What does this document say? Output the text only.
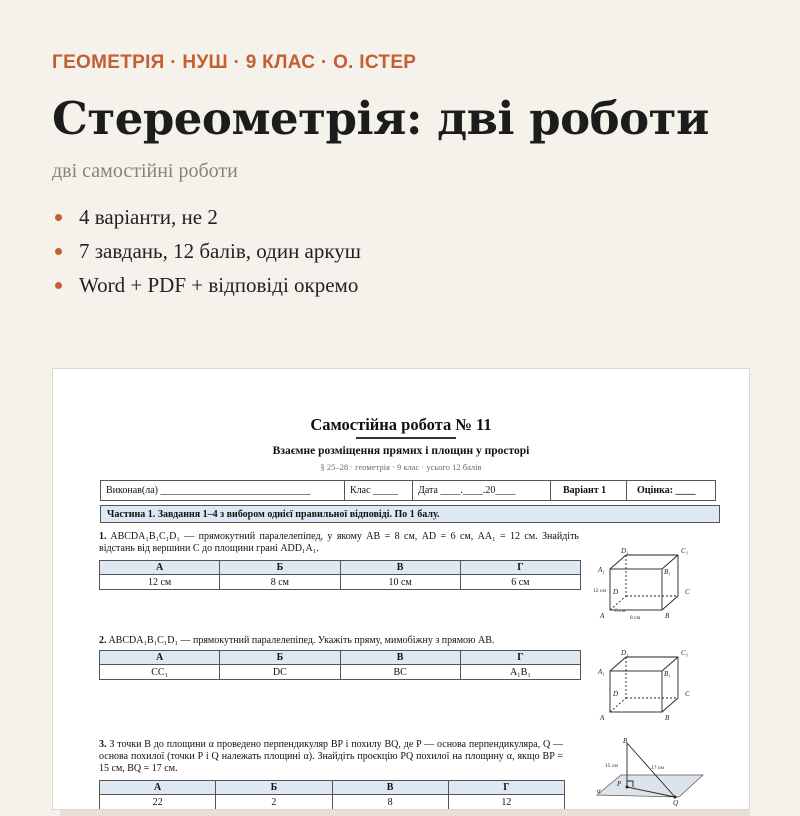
ГЕОМЕТРІЯ · НУШ · 9 КЛАС · О. ІСТЕР
Стереометрія: дві роботи
дві самостійні роботи
4 варіанти, не 2
7 завдань, 12 балів, один аркуш
Word + PDF + відповіді окремо
Самостійна робота № 11
Взаємне розміщення прямих і площин у просторі
§ 25–28 · геометрія · 9 клас · усього 12 балів
Виконав(ла) ______________________________	Клас _____	Дата ____.____.20____	Варіант 1	Оцінка: ____
Частина 1. Завдання 1–4 з вибором однієї правильної відповіді. По 1 балу.
1. ABCDA₁B₁C₁D₁ — прямокутний паралелепіпед, у якому AB = 8 см, AD = 6 см, AA₁ = 12 см. Знайдіть відстань від вершини C до площини грані ADD₁A₁.
А	Б	В	Г
12 см	8 см	10 см	6 см
D₁	C₁
A₁	B₁
D	C
A	B
12 см
6 см
8 см
2. ABCDA₁B₁C₁D₁ — прямокутний паралелепіпед. Укажіть пряму, мимобіжну з прямою AB.
А	Б	В	Г
CC₁	DC	BC	A₁B₁
D₁	C₁
A₁	B₁
D	C
A	B
3. З точки B до площини α проведено перпендикуляр BP і похилу BQ, де P — основа перпендикуляра, Q — основа похилої (точки P і Q належать площині α). Знайдіть проєкцію PQ похилої на площину α, якщо BP = 15 см, BQ = 17 см.
А	Б	В	Г
22	2	8	12
B
P
Q
α
15 см	17 см
